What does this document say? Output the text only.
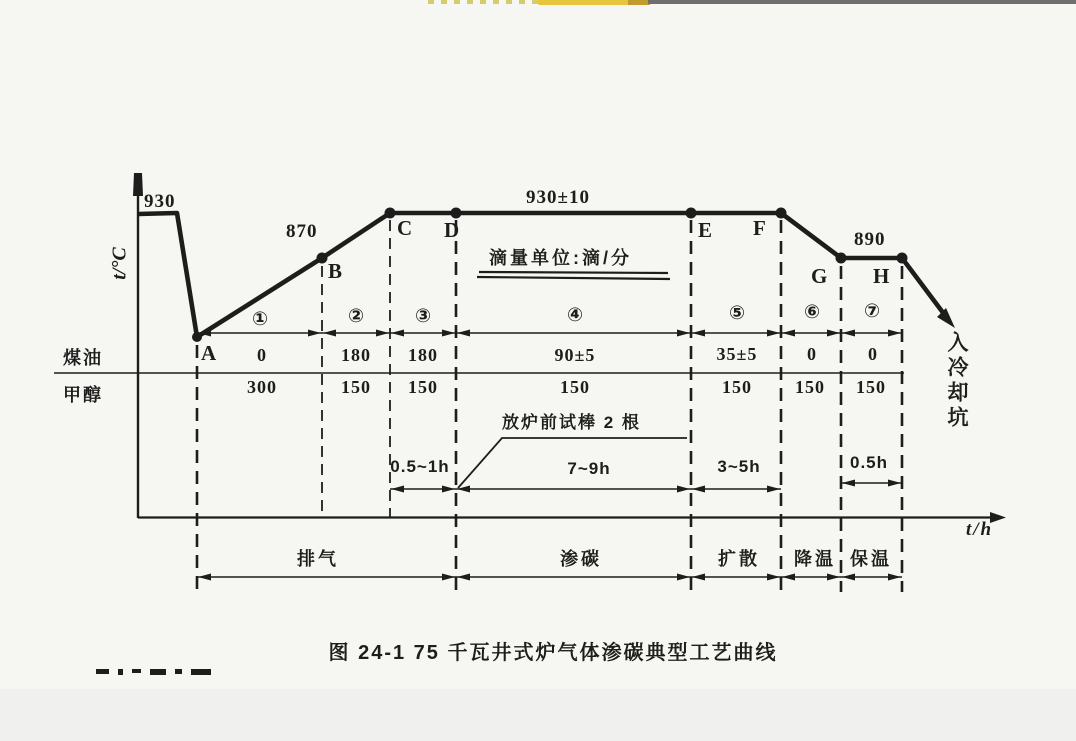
t/°C
t/h
930
870
930±10
890
A
B
C D	E F
G H
滴量单位:滴/分
放炉前试棒 2 根	入冷却坑
①	②	③	④	⑤	⑥ ⑦
煤油
甲醇
0	180 180	90±5	35±5	0	0
300	150 150	150	150 150 150
0.5~1h	7~9h	3~5h	0.5h
排气	渗碳	扩散 降温 保温
图 24-1 75 千瓦井式炉气体渗碳典型工艺曲线
